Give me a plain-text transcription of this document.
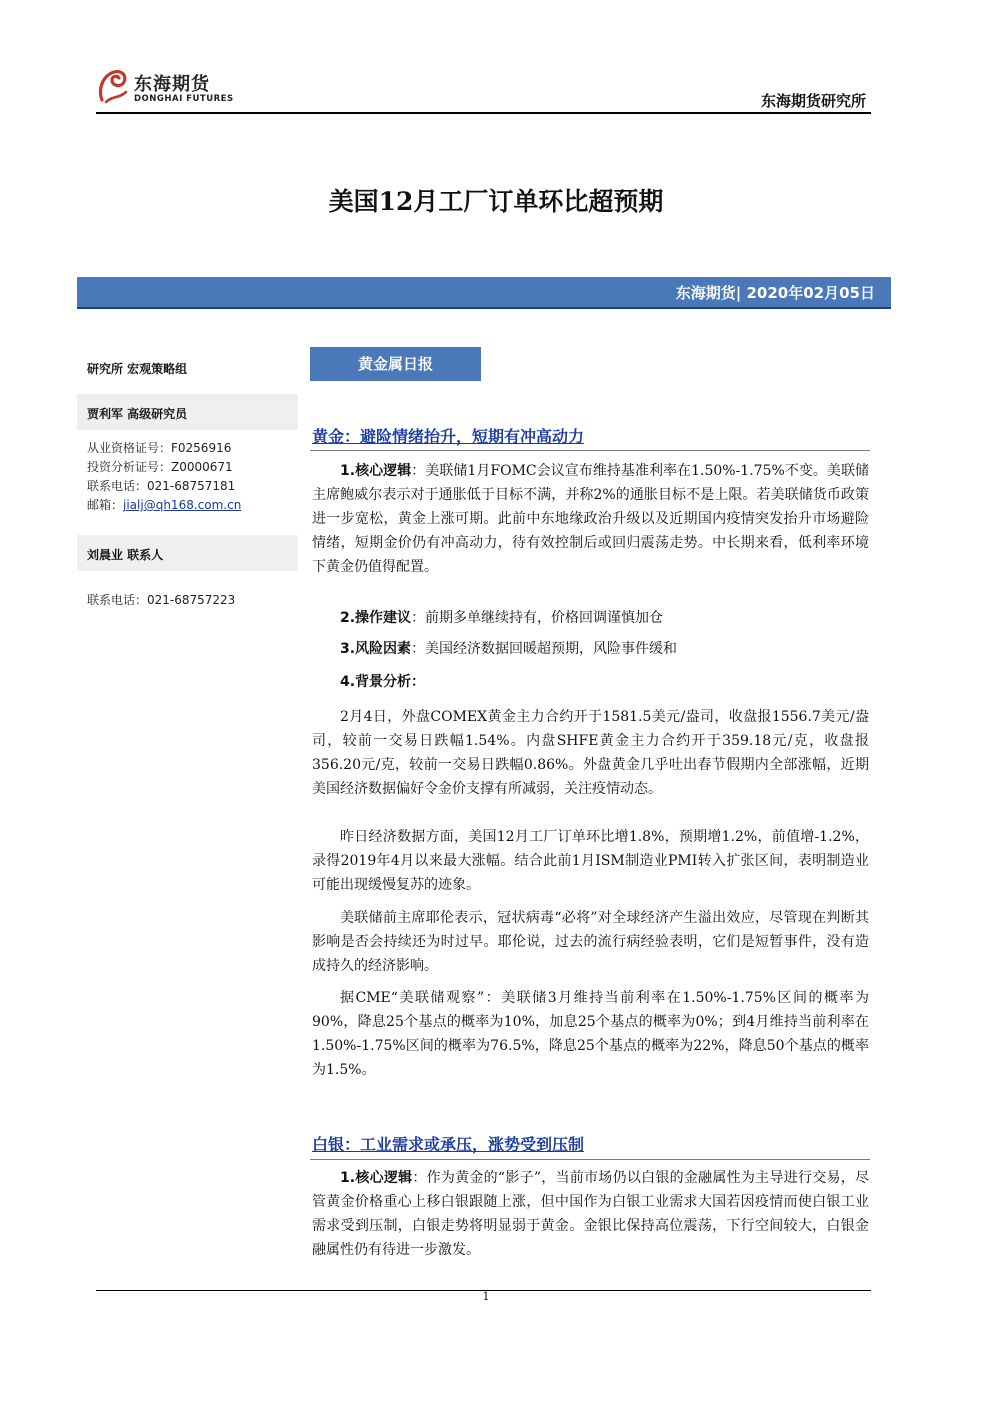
东海期货
DONGHAI FUTURES	东海期货研究所
美国12月工厂订单环比超预期
东海期货| 2020年02月05日
研究所 宏观策略组
贾利军 高级研究员
从业资格证号：F0256916
投资分析证号：Z0000671
联系电话：021-68757181
邮箱：jialj@qh168.com.cn
刘晨业 联系人
联系电话：021-68757223
黄金属日报
黄金：避险情绪抬升，短期有冲高动力

1.核心逻辑：美联储1月FOMC会议宣布维持基准利率在1.50%-1.75%不变。美联储主席鲍威尔表示对于通胀低于目标不满，并称2%的通胀目标不是上限。若美联储货币政策进一步宽松，黄金上涨可期。此前中东地缘政治升级以及近期国内疫情突发抬升市场避险情绪，短期金价仍有冲高动力，待有效控制后或回归震荡走势。中长期来看，低利率环境下黄金仍值得配置。

2.操作建议：前期多单继续持有，价格回调谨慎加仓

3.风险因素：美国经济数据回暖超预期，风险事件缓和

4.背景分析：

2月4日，外盘COMEX黄金主力合约开于1581.5美元/盎司，收盘报1556.7美元/盎司，较前一交易日跌幅1.54%。内盘SHFE黄金主力合约开于359.18元/克，收盘报356.20元/克，较前一交易日跌幅0.86%。外盘黄金几乎吐出春节假期内全部涨幅，近期美国经济数据偏好令金价支撑有所减弱，关注疫情动态。

昨日经济数据方面，美国12月工厂订单环比增1.8%，预期增1.2%，前值增-1.2%，录得2019年4月以来最大涨幅。结合此前1月ISM制造业PMI转入扩张区间，表明制造业可能出现缓慢复苏的迹象。

美联储前主席耶伦表示，冠状病毒“必将”对全球经济产生溢出效应，尽管现在判断其影响是否会持续还为时过早。耶伦说，过去的流行病经验表明，它们是短暂事件，没有造成持久的经济影响。

据CME“美联储观察”：美联储3月维持当前利率在1.50%-1.75%区间的概率为90%，降息25个基点的概率为10%，加息25个基点的概率为0%；到4月维持当前利率在1.50%-1.75%区间的概率为76.5%，降息25个基点的概率为22%，降息50个基点的概率为1.5%。

白银：工业需求或承压，涨势受到压制

1.核心逻辑：作为黄金的“影子”，当前市场仍以白银的金融属性为主导进行交易，尽管黄金价格重心上移白银跟随上涨，但中国作为白银工业需求大国若因疫情而使白银工业需求受到压制，白银走势将明显弱于黄金。金银比保持高位震荡，下行空间较大，白银金融属性仍有待进一步激发。

1
